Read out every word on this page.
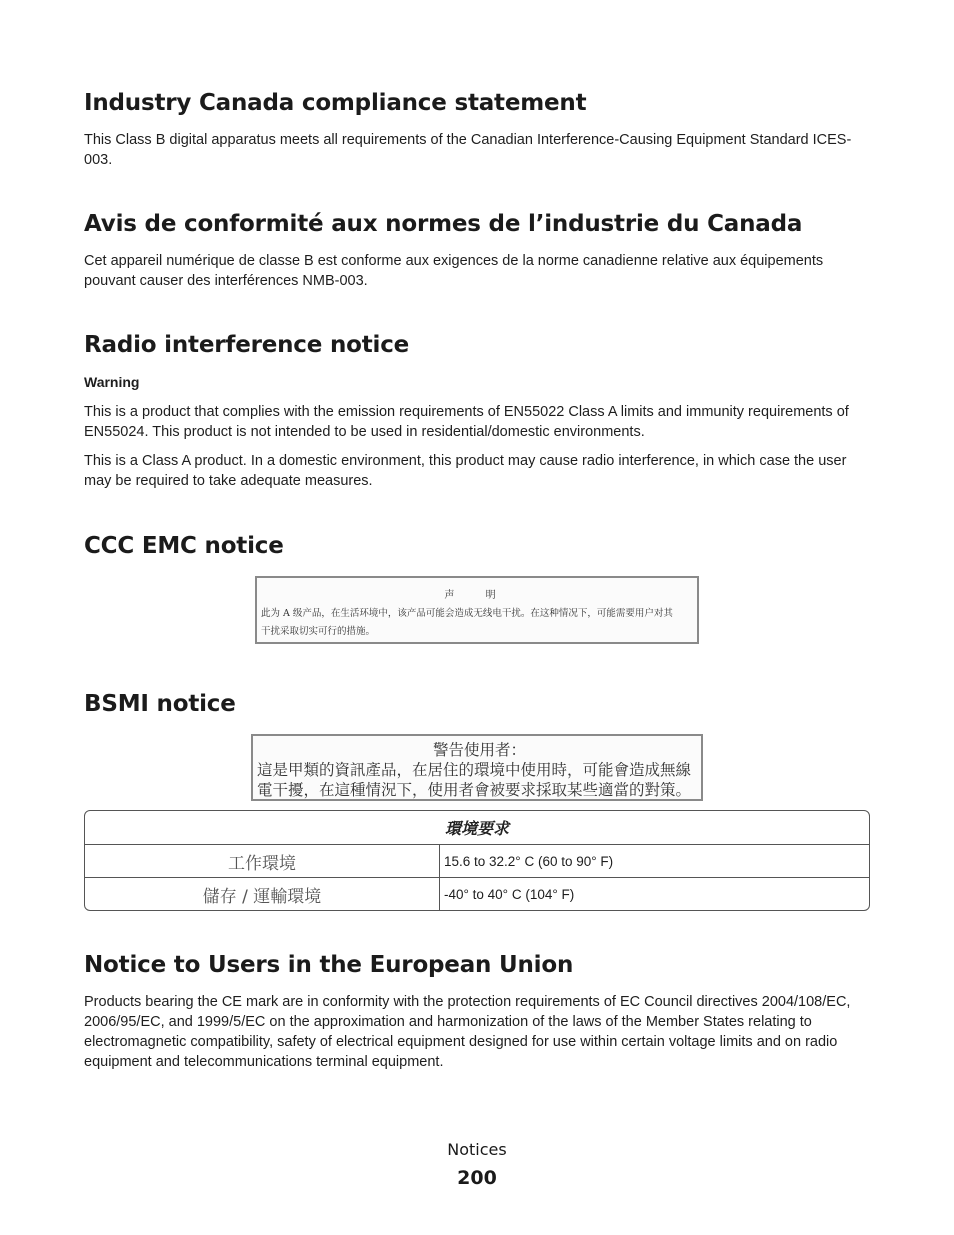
Industry Canada compliance statement

This Class B digital apparatus meets all requirements of the Canadian Interference-Causing Equipment Standard ICES-003.

Avis de conformité aux normes de l’industrie du Canada

Cet appareil numérique de classe B est conforme aux exigences de la norme canadienne relative aux équipements pouvant causer des interférences NMB-003.

Radio interference notice

Warning

This is a product that complies with the emission requirements of EN55022 Class A limits and immunity requirements of EN55024. This product is not intended to be used in residential/domestic environments.

This is a Class A product. In a domestic environment, this product may cause radio interference, in which case the user may be required to take adequate measures.

CCC EMC notice
声 明
此为 A 级产品，在生活环境中，该产品可能会造成无线电干扰。在这种情况下，可能需要用户对其
干扰采取切实可行的措施。
BSMI notice
警告使用者：
這是甲類的資訊產品，在居住的環境中使用時，可能會造成無線
電干擾，在這種情況下，使用者會被要求採取某些適當的對策。
環境要求	
工作環境	15.6 to 32.2° C (60 to 90° F)
儲存 / 運輸環境	-40° to 40° C (104° F)
Notice to Users in the European Union

Products bearing the CE mark are in conformity with the protection requirements of EC Council directives 2004/108/EC, 2006/95/EC, and 1999/5/EC on the approximation and harmonization of the laws of the Member States relating to electromagnetic compatibility, safety of electrical equipment designed for use within certain voltage limits and on radio equipment and telecommunications terminal equipment.

Notices
200
